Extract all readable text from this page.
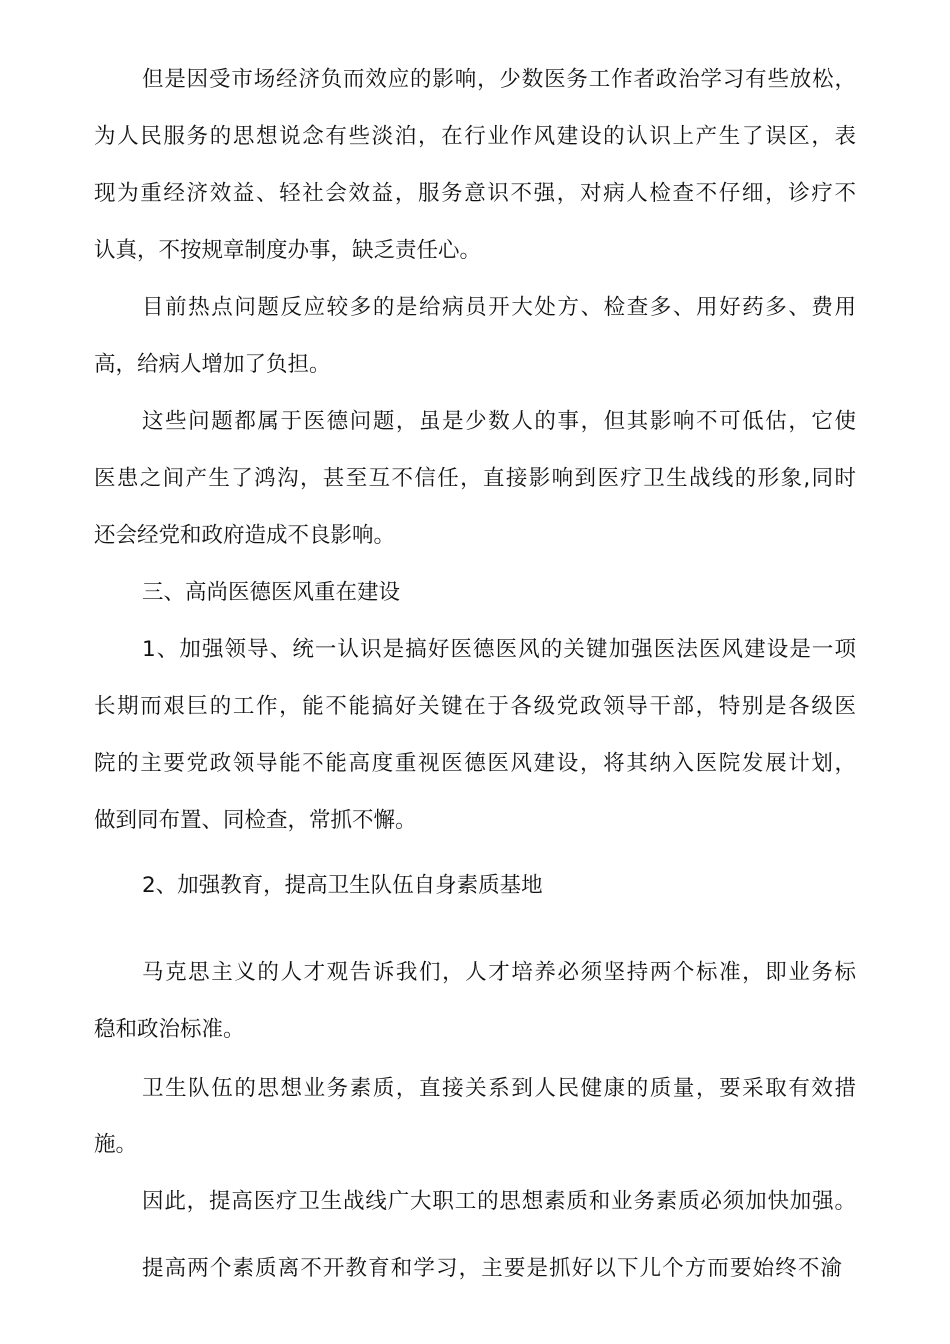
但是因受市场经济负而效应的影响，少数医务工作者政治学习有些放松，

为人民服务的思想说念有些淡泊，在行业作风建设的认识上产生了误区，表

现为重经济效益、轻社会效益，服务意识不强，对病人检查不仔细，诊疗不

认真，不按规章制度办事，缺乏责任心。

目前热点问题反应较多的是给病员开大处方、检查多、用好药多、费用

高，给病人增加了负担。

这些问题都属于医德问题，虽是少数人的事，但其影响不可低估，它使

医患之间产生了鸿沟，甚至互不信任，直接影响到医疗卫生战线的形象,同时

还会经党和政府造成不良影响。

三、高尚医德医风重在建设

1、加强领导、统一认识是搞好医德医风的关键加强医法医风建设是一项

长期而艰巨的工作，能不能搞好关键在于各级党政领导干部，特别是各级医

院的主要党政领导能不能高度重视医德医风建设，将其纳入医院发展计划，

做到同布置、同检查，常抓不懈。

2、加强教育，提高卫生队伍自身素质基地

马克思主义的人才观告诉我们，人才培养必须坚持两个标准，即业务标

稳和政治标准。

卫生队伍的思想业务素质，直接关系到人民健康的质量，要采取有效措

施。

因此，提高医疗卫生战线广大职工的思想素质和业务素质必须加快加强。

提高两个素质离不开教育和学习，主要是抓好以下儿个方而要始终不渝
